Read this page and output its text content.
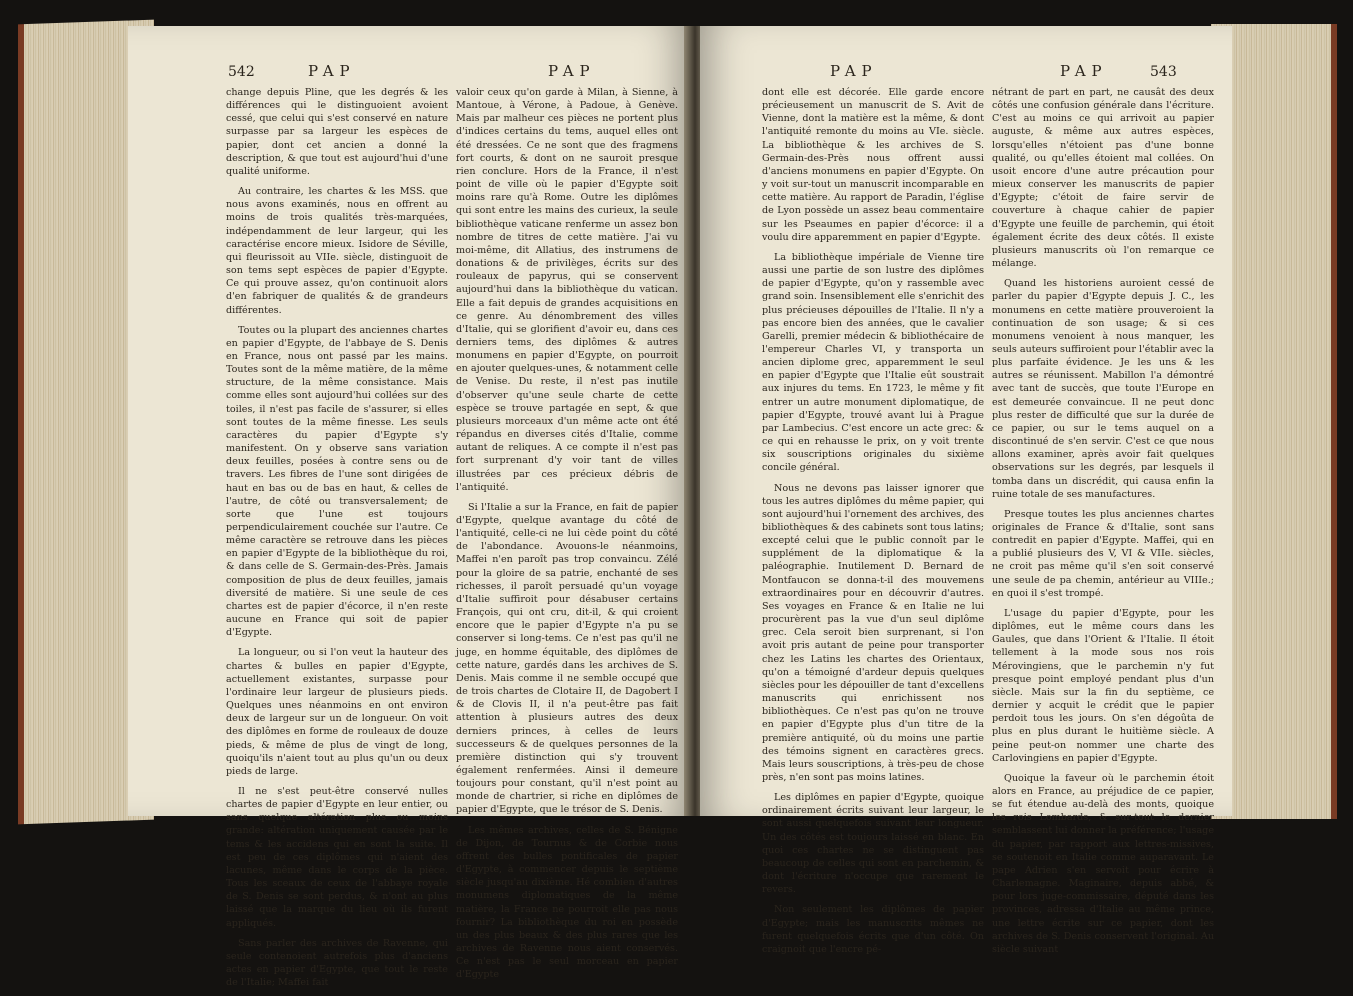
542	PAP	PAP

change depuis Pline, que les degrés & les différences qui le distinguoient avoient cessé, que celui qui s'est conservé en nature surpasse par sa largeur les espèces de papier, dont cet ancien a donné la description, & que tout est aujourd'hui d'une qualité uniforme.

Au contraire, les chartes & les MSS. que nous avons examinés, nous en offrent au moins de trois qualités très-marquées, indépendamment de leur largeur, qui les caractérise encore mieux. Isidore de Séville, qui fleurissoit au VIIe. siècle, distinguoit de son tems sept espèces de papier d'Egypte. Ce qui prouve assez, qu'on continuoit alors d'en fabriquer de qualités & de grandeurs différentes.

Toutes ou la plupart des anciennes chartes en papier d'Egypte, de l'abbaye de S. Denis en France, nous ont passé par les mains. Toutes sont de la même matière, de la même structure, de la même consistance. Mais comme elles sont aujourd'hui collées sur des toiles, il n'est pas facile de s'assurer, si elles sont toutes de la même finesse. Les seuls caractères du papier d'Egypte s'y manifestent. On y observe sans variation deux feuilles, posées à contre sens ou de travers. Les fibres de l'une sont dirigées de haut en bas ou de bas en haut, & celles de l'autre, de côté ou transversalement; de sorte que l'une est toujours perpendiculairement couchée sur l'autre. Ce même caractère se retrouve dans les pièces en papier d'Egypte de la bibliothèque du roi, & dans celle de S. Germain-des-Près. Jamais composition de plus de deux feuilles, jamais diversité de matière. Si une seule de ces chartes est de papier d'écorce, il n'en reste aucune en France qui soit de papier d'Egypte.

La longueur, ou si l'on veut la hauteur des chartes & bulles en papier d'Egypte, actuellement existantes, surpasse pour l'ordinaire leur largeur de plusieurs pieds. Quelques unes néanmoins en ont environ deux de largeur sur un de longueur. On voit des diplômes en forme de rouleaux de douze pieds, & même de plus de vingt de long, quoiqu'ils n'aient tout au plus qu'un ou deux pieds de large.

Il ne s'est peut-être conservé nulles chartes de papier d'Egypte en leur entier, ou sans quelque altération plus ou moins grande: altération uniquement causée par le tems & les accidens qui en sont la suite. Il est peu de ces diplômes qui n'aient des lacunes, même dans le corps de la pièce. Tous les sceaux de ceux de l'abbaye royale de S. Denis se sont perdus, & n'ont au plus laissé que la marque du lieu où ils furent appliqués.

Sans parler des archives de Ravenne, qui seule contenoient autrefois plus d'anciens actes en papier d'Egypte, que tout le reste de l'Italie; Maffei fait

valoir ceux qu'on garde à Milan, à Sienne, à Mantoue, à Vérone, à Padoue, à Genève. Mais par malheur ces pièces ne portent plus d'indices certains du tems, auquel elles ont été dressées. Ce ne sont que des fragmens fort courts, & dont on ne sauroit presque rien conclure. Hors de la France, il n'est point de ville où le papier d'Egypte soit moins rare qu'à Rome. Outre les diplômes qui sont entre les mains des curieux, la seule bibliothèque vaticane renferme un assez bon nombre de titres de cette matière. J'ai vu moi-même, dit Allatius, des instrumens de donations & de privilèges, écrits sur des rouleaux de papyrus, qui se conservent aujourd'hui dans la bibliothèque du vatican. Elle a fait depuis de grandes acquisitions en ce genre. Au dénombrement des villes d'Italie, qui se glorifient d'avoir eu, dans ces derniers tems, des diplômes & autres monumens en papier d'Egypte, on pourroit en ajouter quelques-unes, & notamment celle de Venise. Du reste, il n'est pas inutile d'observer qu'une seule charte de cette espèce se trouve partagée en sept, & que plusieurs morceaux d'un même acte ont été répandus en diverses cités d'Italie, comme autant de reliques. A ce compte il n'est pas fort surprenant d'y voir tant de villes illustrées par ces précieux débris de l'antiquité.

Si l'Italie a sur la France, en fait de papier d'Egypte, quelque avantage du côté de l'antiquité, celle-ci ne lui cède point du côté de l'abondance. Avouons-le néanmoins, Maffei n'en paroît pas trop convaincu. Zélé pour la gloire de sa patrie, enchanté de ses richesses, il paroît persuadé qu'un voyage d'Italie suffiroit pour désabuser certains François, qui ont cru, dit-il, & qui croient encore que le papier d'Egypte n'a pu se conserver si long-tems. Ce n'est pas qu'il ne juge, en homme équitable, des diplômes de cette nature, gardés dans les archives de S. Denis. Mais comme il ne semble occupé que de trois chartes de Clotaire II, de Dagobert I & de Clovis II, il n'a peut-être pas fait attention à plusieurs autres des deux derniers princes, à celles de leurs successeurs & de quelques personnes de la première distinction qui s'y trouvent également renfermées. Ainsi il demeure toujours pour constant, qu'il n'est point au monde de chartrier, si riche en diplômes de papier d'Egypte, que le trésor de S. Denis.

Les mêmes archives, celles de S. Bénigne de Dijon, de Tournus & de Corbie nous offrent des bulles pontificales de papier d'Egypte, à commencer depuis le septième siècle jusqu'au dixième. Hé combien d'autres monumens diplomatiques de la même matière, la France ne pourroit elle pas nous fournir? La bibliothèque du roi en possède un des plus beaux & des plus rares que les archives de Ravenne nous aient conservés. Ce n'est pas le seul morceau en papier d'Egypte

PAP	PAP	543

dont elle est décorée. Elle garde encore précieusement un manuscrit de S. Avit de Vienne, dont la matière est la même, & dont l'antiquité remonte du moins au VIe. siècle. La bibliothèque & les archives de S. Germain-des-Près nous offrent aussi d'anciens monumens en papier d'Egypte. On y voit sur-tout un manuscrit incomparable en cette matière. Au rapport de Paradin, l'église de Lyon possède un assez beau commentaire sur les Pseaumes en papier d'écorce: il a voulu dire apparemment en papier d'Egypte.

La bibliothèque impériale de Vienne tire aussi une partie de son lustre des diplômes de papier d'Egypte, qu'on y rassemble avec grand soin. Insensiblement elle s'enrichit des plus précieuses dépouilles de l'Italie. Il n'y a pas encore bien des années, que le cavalier Garelli, premier médecin & bibliothécaire de l'empereur Charles VI, y transporta un ancien diplome grec, apparemment le seul en papier d'Egypte que l'Italie eût soustrait aux injures du tems. En 1723, le même y fit entrer un autre monument diplomatique, de papier d'Egypte, trouvé avant lui à Prague par Lambecius. C'est encore un acte grec: & ce qui en rehausse le prix, on y voit trente six souscriptions originales du sixième concile général.

Nous ne devons pas laisser ignorer que tous les autres diplômes du même papier, qui sont aujourd'hui l'ornement des archives, des bibliothèques & des cabinets sont tous latins; excepté celui que le public connoît par le supplément de la diplomatique & la paléographie. Inutilement D. Bernard de Montfaucon se donna-t-il des mouvemens extraordinaires pour en découvrir d'autres. Ses voyages en France & en Italie ne lui procurèrent pas la vue d'un seul diplôme grec. Cela seroit bien surprenant, si l'on avoit pris autant de peine pour transporter chez les Latins les chartes des Orientaux, qu'on a témoigné d'ardeur depuis quelques siècles pour les dépouiller de tant d'excellens manuscrits qui enrichissent nos bibliothèques. Ce n'est pas qu'on ne trouve en papier d'Egypte plus d'un titre de la première antiquité, où du moins une partie des témoins signent en caractères grecs. Mais leurs souscriptions, à très-peu de chose près, n'en sont pas moins latines.

Les diplômes en papier d'Egypte, quoique ordinairement écrits suivant leur largeur, le sont aussi quelquefois suivant leur longueur. Un des côtés est toujours laissé en blanc. En quoi ces chartes ne se distinguent pas beaucoup de celles qui sont en parchemin, & dont l'écriture n'occupe que rarement le revers.

Non seulement les diplômes de papier d'Egypte; mais les manuscrits mêmes ne furent quelquefois écrits que d'un côté. On craignoit que l'encre pé-

nétrant de part en part, ne causât des deux côtés une confusion générale dans l'écriture. C'est au moins ce qui arrivoit au papier auguste, & même aux autres espèces, lorsqu'elles n'étoient pas d'une bonne qualité, ou qu'elles étoient mal collées. On usoit encore d'une autre précaution pour mieux conserver les manuscrits de papier d'Egypte; c'étoit de faire servir de couverture à chaque cahier de papier d'Egypte une feuille de parchemin, qui étoit également écrite des deux côtés. Il existe plusieurs manuscrits où l'on remarque ce mélange.

Quand les historiens auroient cessé de parler du papier d'Egypte depuis J. C., les monumens en cette matière prouveroient la continuation de son usage; & si ces monumens venoient à nous manquer, les seuls auteurs suffiroient pour l'établir avec la plus parfaite évidence. Je les uns & les autres se réunissent. Mabillon l'a démontré avec tant de succès, que toute l'Europe en est demeurée convaincue. Il ne peut donc plus rester de difficulté que sur la durée de ce papier, ou sur le tems auquel on a discontinué de s'en servir. C'est ce que nous allons examiner, après avoir fait quelques observations sur les degrés, par lesquels il tomba dans un discrédit, qui causa enfin la ruine totale de ses manufactures.

Presque toutes les plus anciennes chartes originales de France & d'Italie, sont sans contredit en papier d'Egypte. Maffei, qui en a publié plusieurs des V, VI & VIIe. siècles, ne croit pas même qu'il s'en soit conservé une seule de pa chemin, antérieur au VIIIe.; en quoi il s'est trompé.

L'usage du papier d'Egypte, pour les diplômes, eut le même cours dans les Gaules, que dans l'Orient & l'Italie. Il étoit tellement à la mode sous nos rois Mérovingiens, que le parchemin n'y fut presque point employé pendant plus d'un siècle. Mais sur la fin du septième, ce dernier y acquit le crédit que le papier perdoit tous les jours. On s'en dégoûta de plus en plus durant le huitième siècle. A peine peut-on nommer une charte des Carlovingiens en papier d'Egypte.

Quoique la faveur où le parchemin étoit alors en France, au préjudice de ce papier, se fut étendue au-delà des monts, quoique les rois Lombards, & sur-tout le dernier semblassent lui donner la préférence; l'usage du papier, par rapport aux lettres-missives, se soutenoit en Italie comme auparavant. Le pape Adrien s'en servoit pour écrire à Charlemagne. Maginaire, depuis abbé, & pour lors juge-commissaire, député dans les provinces, adressa d'Italie au même prince, une lettre écrite sur ce papier, dont les archives de S. Denis conservent l'original. Au siècle suivant
